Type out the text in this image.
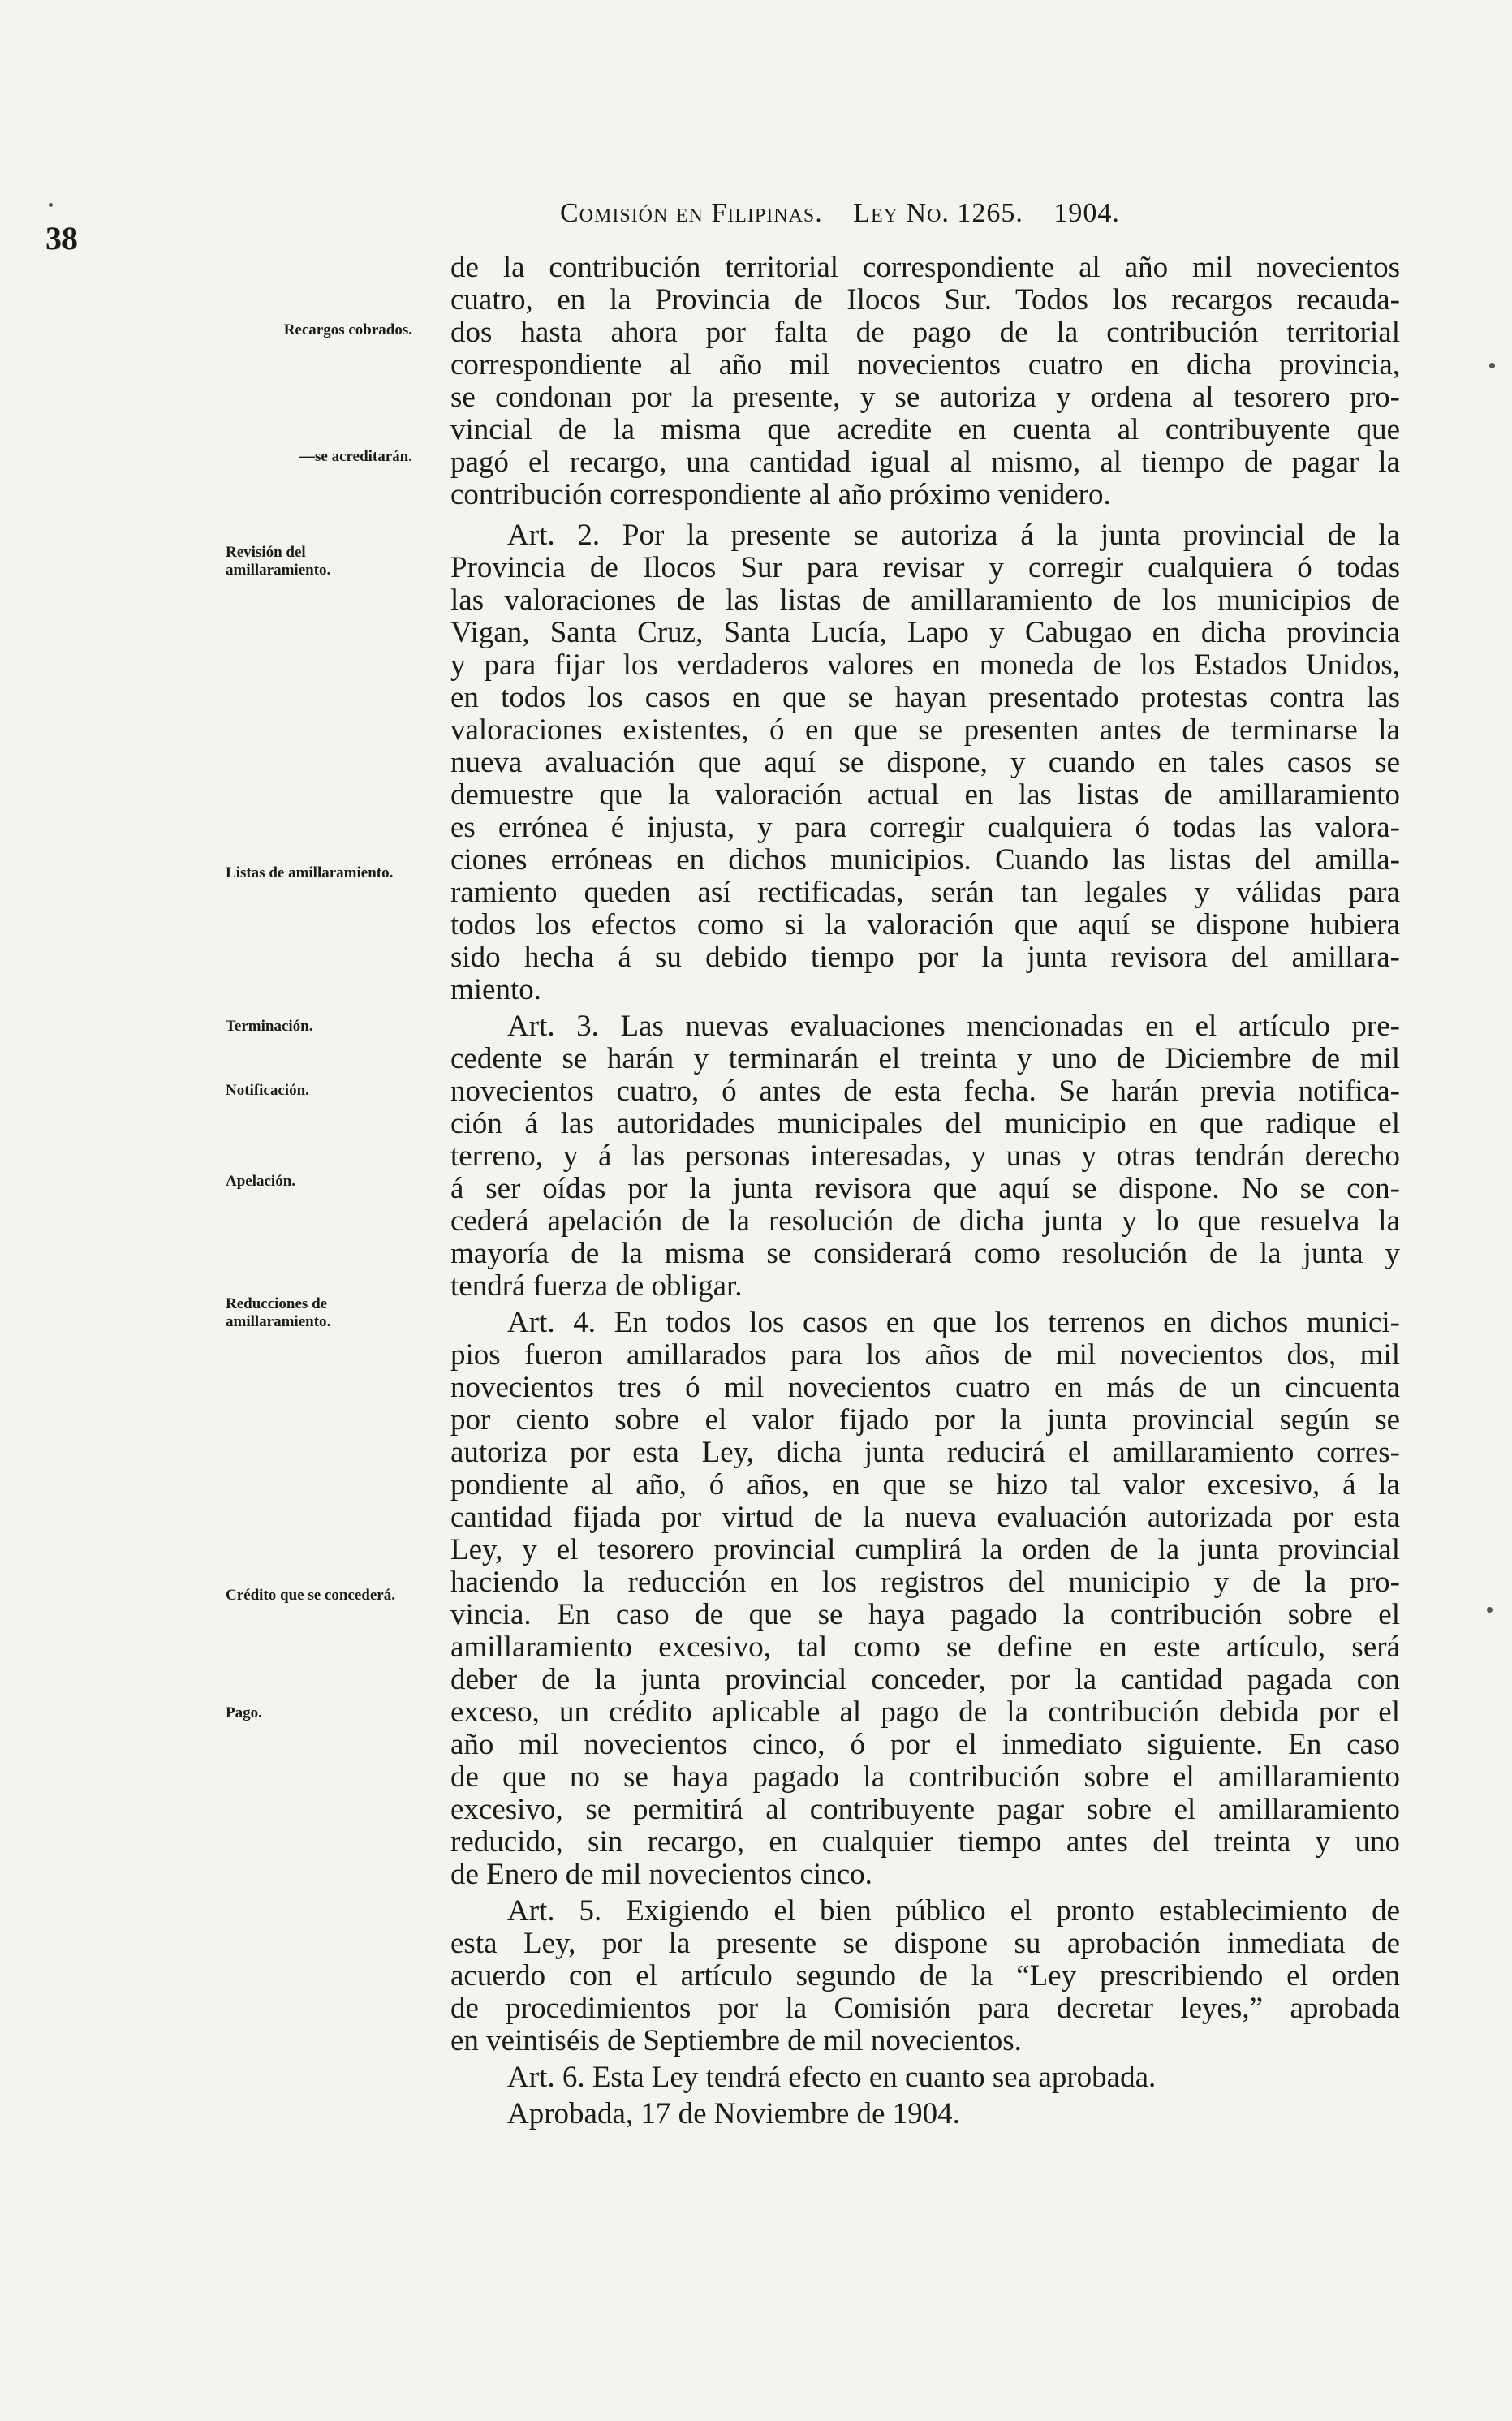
38
Comisión en Filipinas. Ley No. 1265. 1904.
Recargos cobrados.
—se acreditarán.
Revisión del amillaramiento.
Listas de amillaramiento.
Terminación.
Notificación.
Apelación.
Reducciones de amillaramiento.
Crédito que se concederá.
Pago.
de la contribución territorial correspondiente al año mil novecientos
cuatro, en la Provincia de Ilocos Sur. Todos los recargos recauda-
dos hasta ahora por falta de pago de la contribución territorial
correspondiente al año mil novecientos cuatro en dicha provincia,
se condonan por la presente, y se autoriza y ordena al tesorero pro-
vincial de la misma que acredite en cuenta al contribuyente que
pagó el recargo, una cantidad igual al mismo, al tiempo de pagar la
contribución correspondiente al año próximo venidero.
Art. 2. Por la presente se autoriza á la junta provincial de la
Provincia de Ilocos Sur para revisar y corregir cualquiera ó todas
las valoraciones de las listas de amillaramiento de los municipios de
Vigan, Santa Cruz, Santa Lucía, Lapo y Cabugao en dicha provincia
y para fijar los verdaderos valores en moneda de los Estados Unidos,
en todos los casos en que se hayan presentado protestas contra las
valoraciones existentes, ó en que se presenten antes de terminarse la
nueva avaluación que aquí se dispone, y cuando en tales casos se
demuestre que la valoración actual en las listas de amillaramiento
es errónea é injusta, y para corregir cualquiera ó todas las valora-
ciones erróneas en dichos municipios. Cuando las listas del amilla-
ramiento queden así rectificadas, serán tan legales y válidas para
todos los efectos como si la valoración que aquí se dispone hubiera
sido hecha á su debido tiempo por la junta revisora del amillara-
miento.
Art. 3. Las nuevas evaluaciones mencionadas en el artículo pre-
cedente se harán y terminarán el treinta y uno de Diciembre de mil
novecientos cuatro, ó antes de esta fecha. Se harán previa notifica-
ción á las autoridades municipales del municipio en que radique el
terreno, y á las personas interesadas, y unas y otras tendrán derecho
á ser oídas por la junta revisora que aquí se dispone. No se con-
cederá apelación de la resolución de dicha junta y lo que resuelva la
mayoría de la misma se considerará como resolución de la junta y
tendrá fuerza de obligar.
Art. 4. En todos los casos en que los terrenos en dichos munici-
pios fueron amillarados para los años de mil novecientos dos, mil
novecientos tres ó mil novecientos cuatro en más de un cincuenta
por ciento sobre el valor fijado por la junta provincial según se
autoriza por esta Ley, dicha junta reducirá el amillaramiento corres-
pondiente al año, ó años, en que se hizo tal valor excesivo, á la
cantidad fijada por virtud de la nueva evaluación autorizada por esta
Ley, y el tesorero provincial cumplirá la orden de la junta provincial
haciendo la reducción en los registros del municipio y de la pro-
vincia. En caso de que se haya pagado la contribución sobre el
amillaramiento excesivo, tal como se define en este artículo, será
deber de la junta provincial conceder, por la cantidad pagada con
exceso, un crédito aplicable al pago de la contribución debida por el
año mil novecientos cinco, ó por el inmediato siguiente. En caso
de que no se haya pagado la contribución sobre el amillaramiento
excesivo, se permitirá al contribuyente pagar sobre el amillaramiento
reducido, sin recargo, en cualquier tiempo antes del treinta y uno
de Enero de mil novecientos cinco.
Art. 5. Exigiendo el bien público el pronto establecimiento de
esta Ley, por la presente se dispone su aprobación inmediata de
acuerdo con el artículo segundo de la “Ley prescribiendo el orden
de procedimientos por la Comisión para decretar leyes,” aprobada
en veintiséis de Septiembre de mil novecientos.
Art. 6. Esta Ley tendrá efecto en cuanto sea aprobada.
Aprobada, 17 de Noviembre de 1904.
